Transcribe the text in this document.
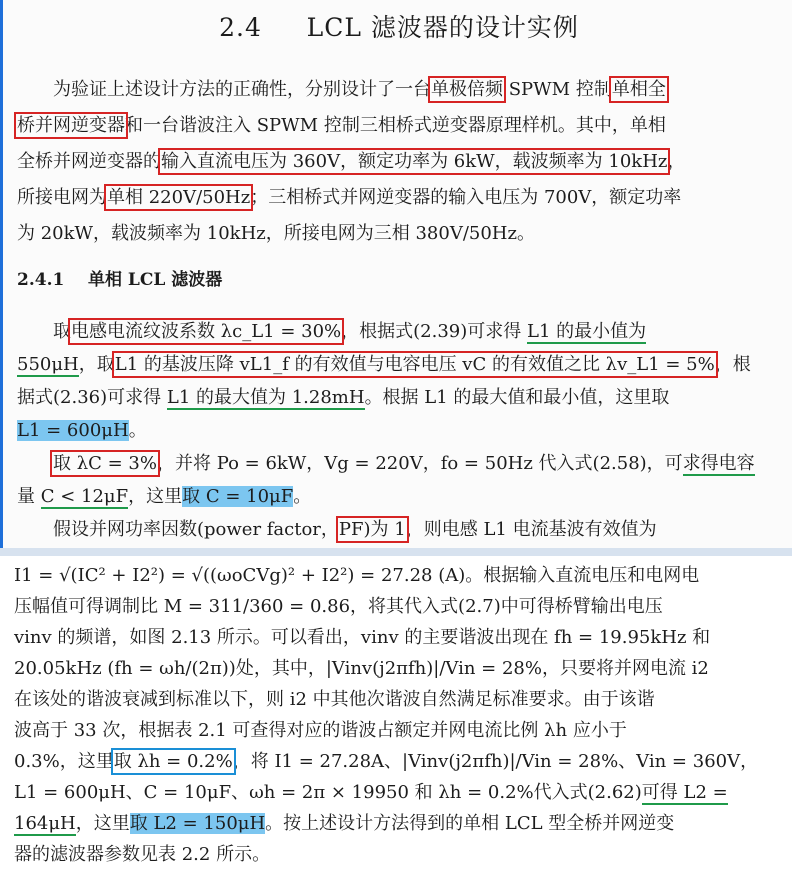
2.4 LCL 滤波器的设计实例
　　为验证上述设计方法的正确性，分别设计了一台单极倍频 SPWM 控制单相全
桥并网逆变器和一台谐波注入 SPWM 控制三相桥式逆变器原理样机。其中，单相
全桥并网逆变器的输入直流电压为 360V，额定功率为 6kW，载波频率为 10kHz，
所接电网为单相 220V/50Hz；三相桥式并网逆变器的输入电压为 700V，额定功率
为 20kW，载波频率为 10kHz，所接电网为三相 380V/50Hz。
2.4.1 单相 LCL 滤波器
　　取电感电流纹波系数 λc_L1 = 30%，根据式(2.39)可求得 L1 的最小值为
550μH，取L1 的基波压降 vL1_f 的有效值与电容电压 vC 的有效值之比 λv_L1 = 5%，根
据式(2.36)可求得 L1 的最大值为 1.28mH。根据 L1 的最大值和最小值，这里取
L1 = 600μH。
　　取 λC = 3%，并将 Po = 6kW，Vg = 220V，fo = 50Hz 代入式(2.58)，可求得电容
量 C < 12μF，这里取 C = 10μF。
　　假设并网功率因数(power factor，PF)为 1，则电感 L1 电流基波有效值为
I1 = √(IC² + I2²) = √((ωoCVg)² + I2²) = 27.28 (A)。根据输入直流电压和电网电
压幅值可得调制比 M = 311/360 = 0.86，将其代入式(2.7)中可得桥臂输出电压
vinv 的频谱，如图 2.13 所示。可以看出，vinv 的主要谐波出现在 fh = 19.95kHz 和
20.05kHz (fh = ωh/(2π))处，其中，|Vinv(j2πfh)|/Vin = 28%，只要将并网电流 i2
在该处的谐波衰减到标准以下，则 i2 中其他次谐波自然满足标准要求。由于该谐
波高于 33 次，根据表 2.1 可查得对应的谐波占额定并网电流比例 λh 应小于
0.3%，这里取 λh = 0.2%，将 I1 = 27.28A、|Vinv(j2πfh)|/Vin = 28%、Vin = 360V，
L1 = 600μH、C = 10μF、ωh = 2π × 19950 和 λh = 0.2%代入式(2.62)可得 L2 =
164μH，这里取 L2 = 150μH。按上述设计方法得到的单相 LCL 型全桥并网逆变
器的滤波器参数见表 2.2 所示。
